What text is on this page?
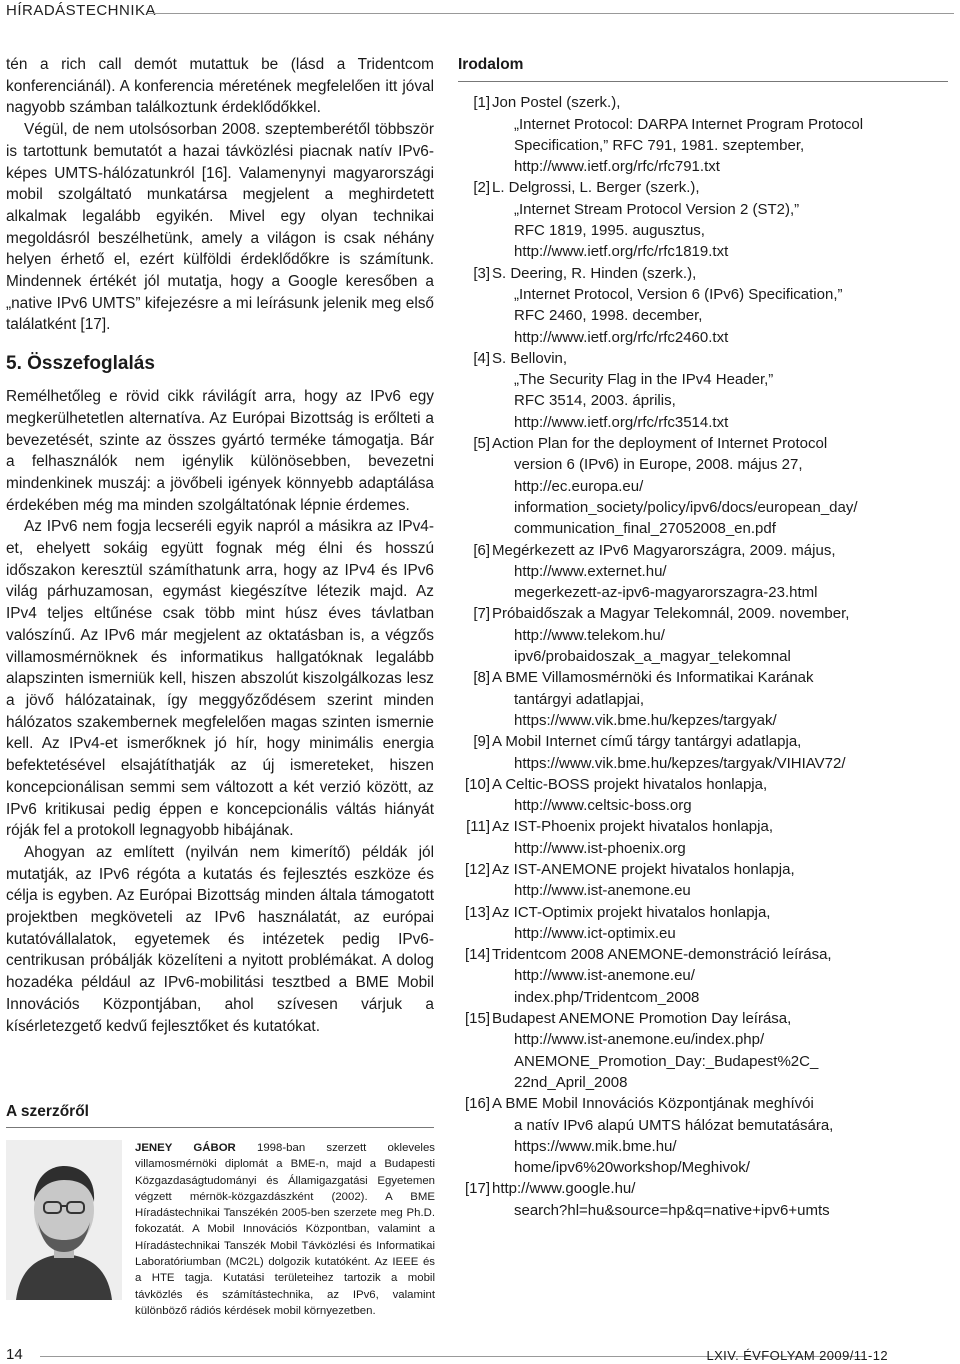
HÍRADÁSTECHNIKA

tén a rich call demót mutattuk be (lásd a Tridentcom konferenciánál). A konferencia méretének megfelelően itt jóval nagyobb számban találkoztunk érdeklődőkkel.

Végül, de nem utolsósorban 2008. szeptemberétől többször is tartottunk bemutatót a hazai távközlési piacnak natív IPv6-képes UMTS-hálózatunkról [16]. Valamenynyi magyarországi mobil szolgáltató munkatársa megjelent a meghirdetett alkalmak legalább egyikén. Mivel egy olyan technikai megoldásról beszélhetünk, amely a világon is csak néhány helyen érhető el, ezért külföldi érdeklődőkre is számítunk. Mindennek értékét jól mutatja, hogy a Google keresőben a „native IPv6 UMTS” kifejezésre a mi leírásunk jelenik meg első találatként [17].

5. Összefoglalás

Remélhetőleg e rövid cikk rávilágít arra, hogy az IPv6 egy megkerülhetetlen alternatíva. Az Európai Bizottság is erőlteti a bevezetését, szinte az összes gyártó terméke támogatja. Bár a felhasználók nem igénylik különösebben, bevezetni mindenkinek muszáj: a jövőbeli igények könnyebb adaptálása érdekében még ma minden szolgáltatónak lépnie érdemes.

Az IPv6 nem fogja lecseréli egyik napról a másikra az IPv4-et, ehelyett sokáig együtt fognak még élni és hosszú időszakon keresztül számíthatunk arra, hogy az IPv4 és IPv6 világ párhuzamosan, egymást kiegészítve létezik majd. Az IPv4 teljes eltűnése csak több mint húsz éves távlatban valószínű. Az IPv6 már megjelent az oktatásban is, a végzős villamosmérnöknek és informatikus hallgatóknak legalább alapszinten ismerniük kell, hiszen abszolút kiszolgálkozas lesz a jövő hálózatainak, így meggyőződésem szerint minden hálózatos szakembernek megfelelően magas szinten ismernie kell. Az IPv4-et ismerőknek jó hír, hogy minimális energia befektetésével elsajátíthatják az új ismereteket, hiszen koncepcionálisan semmi sem változott a két verzió között, az IPv6 kritikusai pedig éppen e koncepcionális váltás hiányát róják fel a protokoll legnagyobb hibájának.

Ahogyan az említett (nyilván nem kimerítő) példák jól mutatják, az IPv6 régóta a kutatás és fejlesztés eszköze és célja is egyben. Az Európai Bizottság minden általa támogatott projektben megköveteli az IPv6 használatát, az európai kutatóvállalatok, egyetemek és intézetek pedig IPv6-centrikusan próbálják közelíteni a nyitott problémákat. A dolog hozadéka például az IPv6-mobilitási tesztbed a BME Mobil Innovációs Központjában, ahol szívesen várjuk a kísérletezgető kedvű fejlesztőket és kutatókat.

A szerzőről
JENEY GÁBOR 1998-ban szerzett okleveles villamosmérnöki diplomát a BME-n, majd a Budapesti Közgazdaságtudományi és Államigazgatási Egyetemen végzett mérnök-közgazdászként (2002). A BME Híradástechnikai Tanszékén 2005-ben szerzete meg Ph.D. fokozatát. A Mobil Innovációs Központban, valamint a Híradástechnikai Tanszék Mobil Távközlési és Informatikai Laboratóriumban (MC2L) dolgozik kutatóként. Az IEEE és a HTE tagja. Kutatási területeihez tartozik a mobil távközlés és számítástechnika, az IPv6, valamint különböző rádiós kérdések mobil környezetben.
Irodalom
[1] Jon Postel (szerk.),
„Internet Protocol: DARPA Internet Program Protocol
Specification,” RFC 791, 1981. szeptember,
http://www.ietf.org/rfc/rfc791.txt
[2] L. Delgrossi, L. Berger (szerk.),
„Internet Stream Protocol Version 2 (ST2),”
RFC 1819, 1995. augusztus,
http://www.ietf.org/rfc/rfc1819.txt
[3] S. Deering, R. Hinden (szerk.),
„Internet Protocol, Version 6 (IPv6) Specification,”
RFC 2460, 1998. december,
http://www.ietf.org/rfc/rfc2460.txt
[4] S. Bellovin,
„The Security Flag in the IPv4 Header,”
RFC 3514, 2003. április,
http://www.ietf.org/rfc/rfc3514.txt
[5] Action Plan for the deployment of Internet Protocol
version 6 (IPv6) in Europe, 2008. május 27,
http://ec.europa.eu/
information_society/policy/ipv6/docs/european_day/
communication_final_27052008_en.pdf
[6] Megérkezett az IPv6 Magyarországra, 2009. május,
http://www.externet.hu/
megerkezett-az-ipv6-magyarorszagra-23.html
[7] Próbaidőszak a Magyar Telekomnál, 2009. november,
http://www.telekom.hu/
ipv6/probaidoszak_a_magyar_telekomnal
[8] A BME Villamosmérnöki és Informatikai Karának
tantárgyi adatlapjai,
https://www.vik.bme.hu/kepzes/targyak/
[9] A Mobil Internet című tárgy tantárgyi adatlapja,
https://www.vik.bme.hu/kepzes/targyak/VIHIAV72/
[10] A Celtic-BOSS projekt hivatalos honlapja,
http://www.celtsic-boss.org
[11] Az IST-Phoenix projekt hivatalos honlapja,
http://www.ist-phoenix.org
[12] Az IST-ANEMONE projekt hivatalos honlapja,
http://www.ist-anemone.eu
[13] Az ICT-Optimix projekt hivatalos honlapja,
http://www.ict-optimix.eu
[14] Tridentcom 2008 ANEMONE-demonstráció leírása,
http://www.ist-anemone.eu/
index.php/Tridentcom_2008
[15] Budapest ANEMONE Promotion Day leírása,
http://www.ist-anemone.eu/index.php/
ANEMONE_Promotion_Day:_Budapest%2C_
22nd_April_2008
[16] A BME Mobil Innovációs Központjának meghívói
a natív IPv6 alapú UMTS hálózat bemutatására,
https://www.mik.bme.hu/
home/ipv6%20workshop/Meghivok/
[17] http://www.google.hu/
search?hl=hu&source=hp&q=native+ipv6+umts
14	LXIV. ÉVFOLYAM 2009/11-12
